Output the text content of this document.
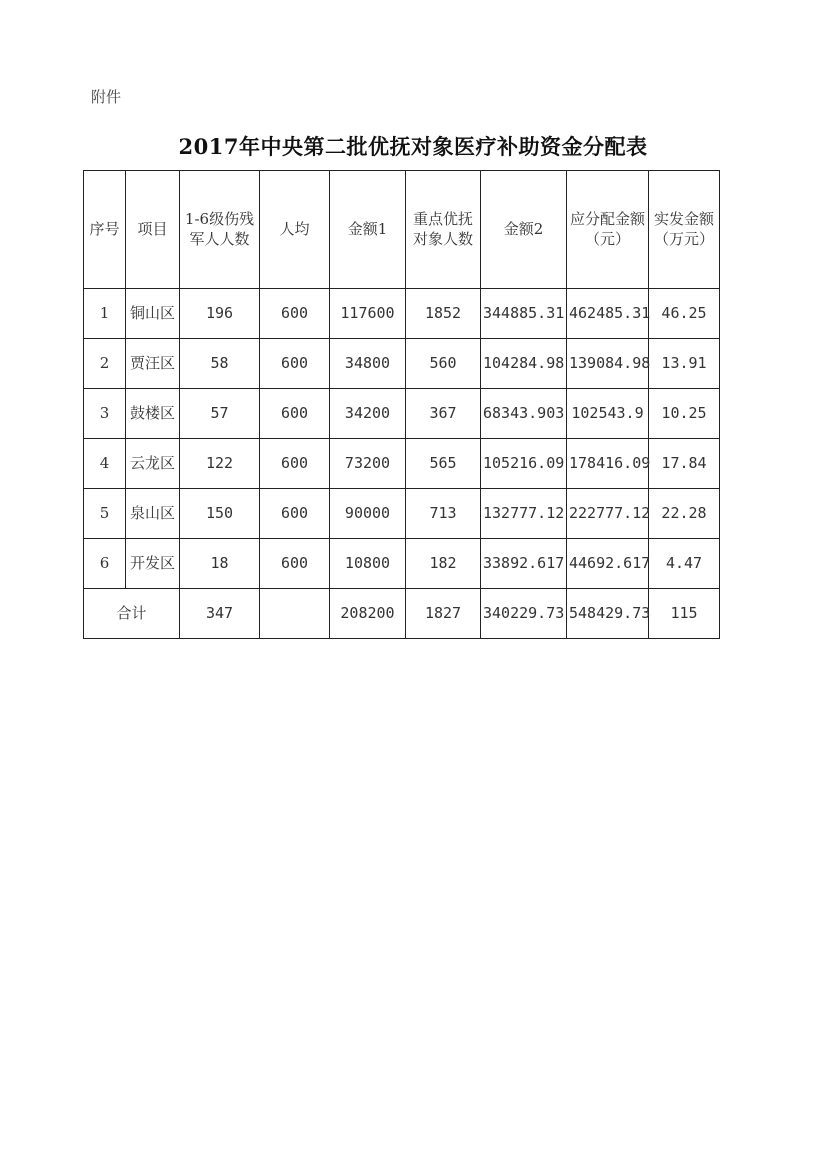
附件
2017年中央第二批优抚对象医疗补助资金分配表
序号	项目	1-6级伤残军人人数	人均	金额1	重点优抚对象人数	金额2	应分配金额（元）	实发金额（万元）
1	铜山区	196	600	117600	1852	344885.31	462485.31	46.25
2	贾汪区	58	600	34800	560	104284.98	139084.98	13.91
3	鼓楼区	57	600	34200	367	68343.903	102543.9	10.25
4	云龙区	122	600	73200	565	105216.09	178416.09	17.84
5	泉山区	150	600	90000	713	132777.12	222777.12	22.28
6	开发区	18	600	10800	182	33892.617	44692.617	4.47
合计		347		208200	1827	340229.73	548429.73	115
